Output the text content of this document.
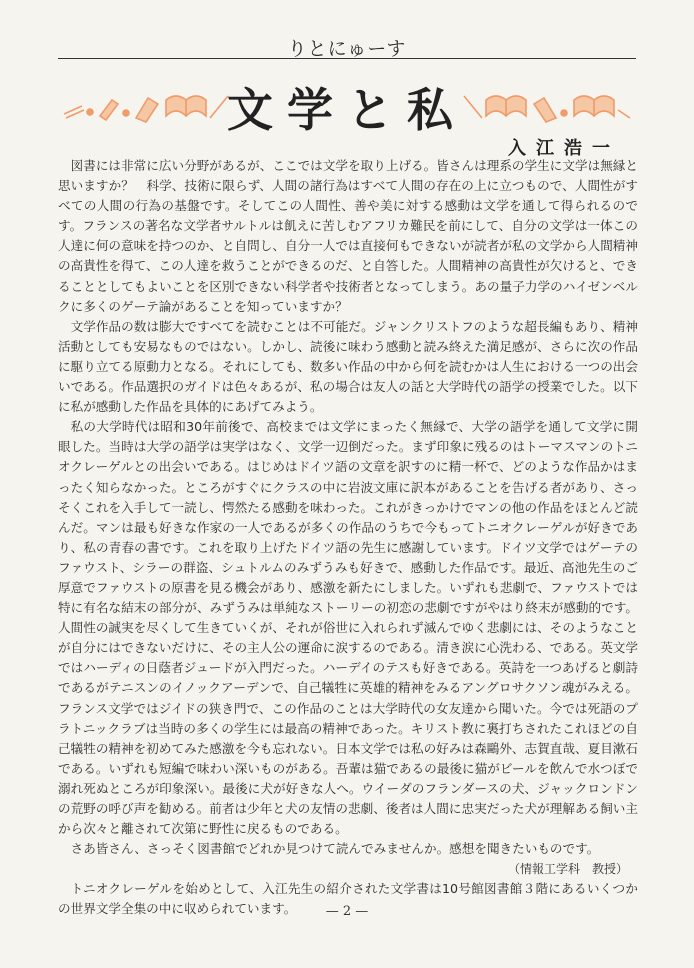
りとにゅーす
文学と私
入江浩一

図書には非常に広い分野があるが、ここでは文学を取り上げる。皆さんは理系の学生に文学は無縁と思いますか？　科学、技術に限らず、人間の諸行為はすべて人間の存在の上に立つもので、人間性がすべての人間の行為の基盤です。そしてこの人間性、善や美に対する感動は文学を通して得られるのです。フランスの著名な文学者サルトルは飢えに苦しむアフリカ難民を前にして、自分の文学は一体この人達に何の意味を持つのか、と自問し、自分一人では直接何もできないが読者が私の文学から人間精神の高貴性を得て、この人達を救うことができるのだ、と自答した。人間精神の高貴性が欠けると、できることとしてもよいことを区別できない科学者や技術者となってしまう。あの量子力学のハイゼンベルクに多くのゲーテ論があることを知っていますか？

文学作品の数は膨大ですべてを読むことは不可能だ。ジャンクリストフのような超長編もあり、精神活動としても安易なものではない。しかし、読後に味わう感動と読み終えた満足感が、さらに次の作品に駆り立てる原動力となる。それにしても、数多い作品の中から何を読むかは人生における一つの出会いである。作品選択のガイドは色々あるが、私の場合は友人の話と大学時代の語学の授業でした。以下に私が感動した作品を具体的にあげてみよう。

私の大学時代は昭和30年前後で、高校までは文学にまったく無縁で、大学の語学を通して文学に開眼した。当時は大学の語学は実学はなく、文学一辺倒だった。まず印象に残るのはトーマスマンのトニオクレーゲルとの出会いである。はじめはドイツ語の文章を訳すのに精一杯で、どのような作品かはまったく知らなかった。ところがすぐにクラスの中に岩波文庫に訳本があることを告げる者があり、さっそくこれを入手して一読し、愕然たる感動を味わった。これがきっかけでマンの他の作品をほとんど読んだ。マンは最も好きな作家の一人であるが多くの作品のうちで今もってトニオクレーゲルが好きであり、私の青春の書です。これを取り上げたドイツ語の先生に感謝しています。ドイツ文学ではゲーテのファウスト、シラーの群盗、シュトルムのみずうみも好きで、感動した作品です。最近、高池先生のご厚意でファウストの原書を見る機会があり、感激を新たにしました。いずれも悲劇で、ファウストでは特に有名な結末の部分が、みずうみは単純なストーリーの初恋の悲劇ですがやはり終末が感動的です。人間性の誠実を尽くして生きていくが、それが俗世に入れられず滅んでゆく悲劇には、そのようなことが自分にはできないだけに、その主人公の運命に涙するのである。清き涙に心洗わる、である。英文学ではハーディの日蔭者ジュードが入門だった。ハーデイのテスも好きである。英詩を一つあげると劇詩であるがテニスンのイノックアーデンで、自己犠牲に英雄的精神をみるアングロサクソン魂がみえる。フランス文学ではジイドの狭き門で、この作品のことは大学時代の女友達から聞いた。今では死語のプラトニックラブは当時の多くの学生には最高の精神であった。キリスト教に裏打ちされたこれほどの自己犠牲の精神を初めてみた感激を今も忘れない。日本文学では私の好みは森鷗外、志賀直哉、夏目漱石である。いずれも短編で味わい深いものがある。吾輩は猫であるの最後に猫がビールを飲んで水つぼで溺れ死ぬところが印象深い。最後に犬が好きな人へ。ウイーダのフランダースの犬、ジャックロンドンの荒野の呼び声を勧める。前者は少年と犬の友情の悲劇、後者は人間に忠実だった犬が理解ある飼い主から次々と離されて次第に野性に戻るものである。

さあ皆さん、さっそく図書館でどれか見つけて読んでみませんか。感想を聞きたいものです。

（情報工学科　教授）

トニオクレーゲルを始めとして、入江先生の紹介された文学書は10号館図書館３階にあるいくつかの世界文学全集の中に収められています。	— 2 —
